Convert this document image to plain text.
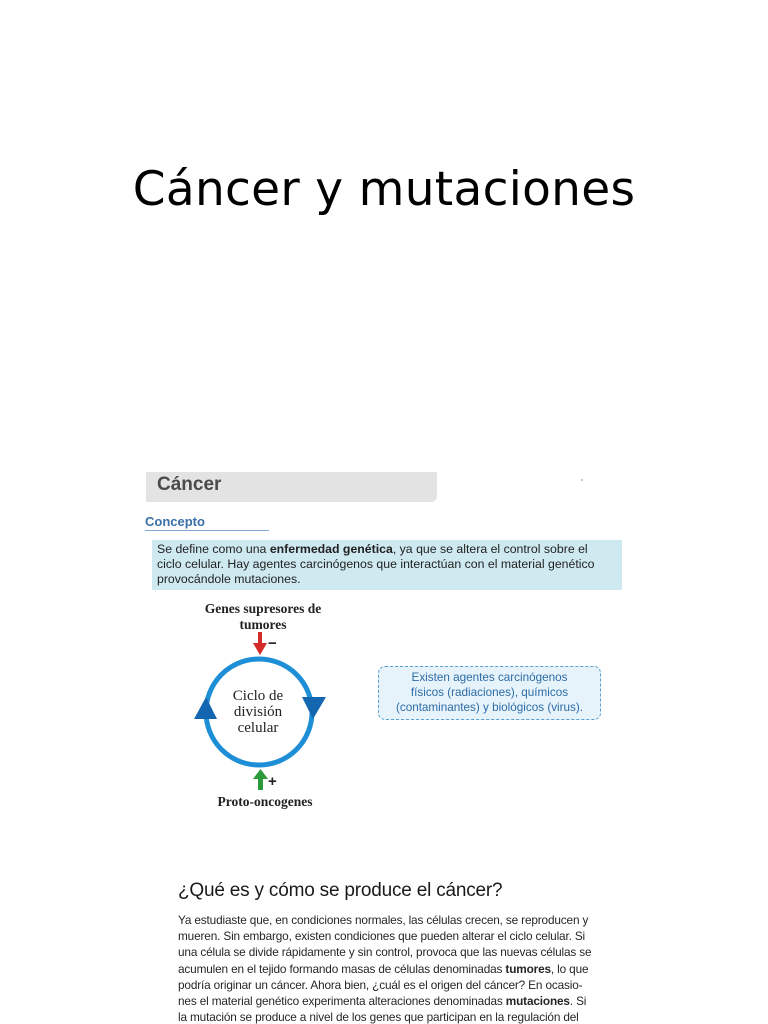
Cáncer y mutaciones
Cáncer
Concepto
Se define como una enfermedad genética, ya que se altera el control sobre el
ciclo celular. Hay agentes carcinógenos que interactúan con el material genético
provocándole mutaciones.
Genes supresores de
tumores
−
+
Ciclo de
división
celular
Proto-oncogenes
Existen agentes carcinógenos
físicos (radiaciones), químicos
(contaminantes) y biológicos (virus).
¿Qué es y cómo se produce el cáncer?
Ya estudiaste que, en condiciones normales, las células crecen, se reproducen y
mueren. Sin embargo, existen condiciones que pueden alterar el ciclo celular. Si
una célula se divide rápidamente y sin control, provoca que las nuevas células se
acumulen en el tejido formando masas de células denominadas tumores, lo que
podría originar un cáncer. Ahora bien, ¿cuál es el origen del cáncer? En ocasio-
nes el material genético experimenta alteraciones denominadas mutaciones. Si
la mutación se produce a nivel de los genes que participan en la regulación del
